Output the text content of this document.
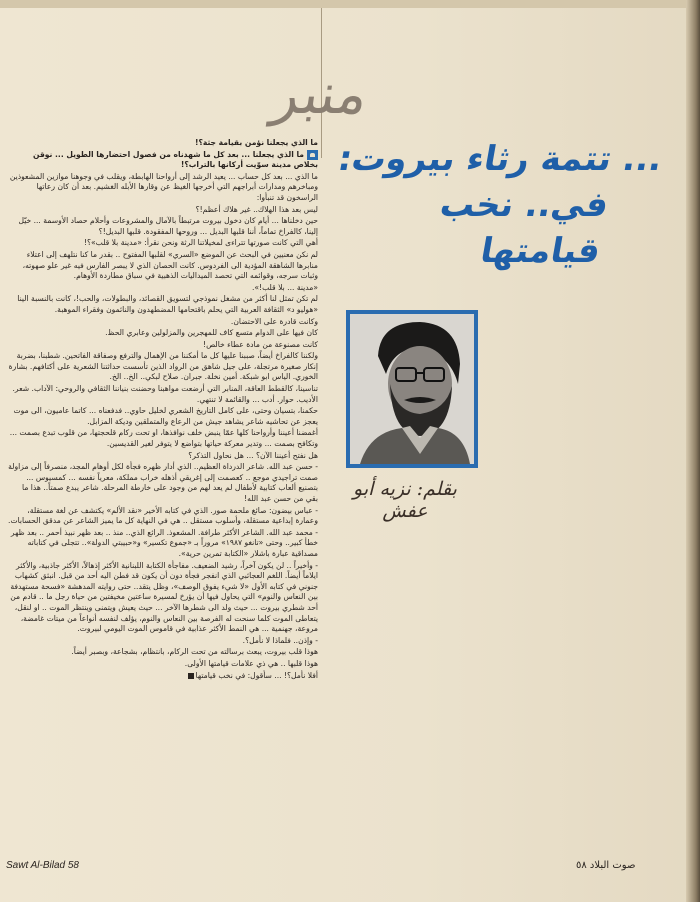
منبر
... تتمة رثاء بيروت:
في.. نخب قيامتها
بقلم: نزيه أبو عفش

ما الذي يجعلنا نؤمن بقيامة جثة؟!

ما الذي يجعلنا ... بعد كل ما شهدناه من فصول احتضارها الطويل ... نوقن بخلاص مدينة سوّيت أركانها بالتراب؟!

ما الذي ... بعد كل حساب ... يعيد الرشد إلى أرواحنا الهابطة، ويقلب في وجوهنا موازين المشعوذين ومباخرهم ومدارات أبراجهم التي أخرجها الغيظ عن وقارها الأبله الغشيم. بعد أن كان رعاتها الراسخون قد تنبأوا:

ليس بعد هذا الهلاك.. غير هلاك أعظم!؟

حين دخلناها ... أيام كان دخول بيروت مرتبطاً بالآمال والمشروعات وأحلام حصاد الأوسمة ... خيّل إلينا، كالفراخ تماماً، أننا قلبها البديل ... وروحها المفقودة. قلبها البديل!؟

أهي التي كانت صورتها تتراءى لمخيلاتنا الرثة ونحن نقرأ: «مدينة بلا قلب»؟!

لم نكن معنيين في البحث عن الموضع «السري» لقلبها المفتوح .. بقدر ما كنا نتلهف إلى اعتلاء منابرها الشاهقة المؤدية الى الفردوس. كانت الحصان الذي لا يبصر الفارس فيه غير علو صهوته، وثبات سرجه، وقوائمه التي تحصد الميداليات الذهبية في سباق مطاردة الأوهام.

«مدينة ... بلا قلب!».

لم تكن تمثل لنا أكثر من مشغل نموذجي لتسويق القصائد، والبطولات، والحب!، كانت بالنسبة الينا «هوليو د» الثقافة العربية التي يحلم باقتحامها المضطهدون والنائمون وفقراء الموهبة.

وكانت قادرة على الاحتضان.

كان فيها على الدوام متسع كاف للمهجرين والمزلولين وعابري الحظ.

كانت مصنوعة من مادة عطاء خالص!

ولكننا كالفراخ أيضاً، صببنا عليها كل ما أمكننا من الإهمال والترفع وصفاقة الفاتحين. شطبنا، بضربة إنكار صغيرة مرتجلة، على جيل شاهق من الرواد الذين تأسست حداثتنا الشعرية على أكتافهم. بشارة الخوري. الياس ابو شبكة. أمين نخلة. جبران. صلاح لبكي.. الخ.. الخ.

تناسينا، كالقطط العاقة، المنابر التي أرضعت مواهبنا وحضنت بنياننا الثقافي والروحي: الآداب. شعر. الأديب. حوار. أدب ... والقائمة لا تنتهي.

حكمنا، بتسيان وحتى، على كامل التاريخ الشعري لخليل حاوي.. فدفعناه ... كاتما عاميون، الى موت يعجز عن تحاشيه شاعر يشاهد جيش من الرعاع والمتملقين وديكة المزابل.

أغمضنا أعيننا وأرواحنا كلها عمّا ينبض خلف نوافذها، او تحت ركام قلحجتها، من قلوب تبدع بصمت ... وتكافح بصمت ... وتدير معركة حياتها بتواضع لا يتوفر لغير القديسين.

هل نفتح أعيننا الآن؟ ... هل نحاول التذكر؟

- حسن عبد الله. شاعر الدرداة العظيم.. الذي أدار ظهره فجأة لكل أوهام المجد، منصرفاً إلى مزاولة صمت تراجيدي موجع .. كعصمت إلى إغريقي أذهله خراب مملكة، معرياً نفسه ... كمسيوس ... بتصنيع ألعاب كتابية لأطفال لم يعد لهم من وجود على خارطة المرحلة. شاعر يبدع صمتاً.. هذا ما بقي من حسن عبد الله!

- عباس بيضون: صائغ ملحمة صور. الذي في كتابه الأخير «نقد الألم» يكتشف عن لغة مستقلة، وعمارة إبداعية مستقلة، وأسلوب مستقل .. هي في النهاية كل ما يميز الشاعر عن مدقق الحسابات.

- محمد عبد الله. الشاعر الأكثر طرافة. المشعوذ. الرائع الذي.. منذ .. بعد ظهر نبيذ أحمر .. بعد ظهر خطأ كبير.. وحتى «تانغو ١٩٨٧» مروراً بـ «جموع تكسير» و«حبيبتي الدولة».. تتجلى في كتاباته مصداقية عبارة باشلار «الكتابة تمرين حرية».

- وأخيراً .. لن يكون آخراً، رشيد الضعيف. مفاجأة الكتابة اللبنانية الأكثر إذهالاً، الأكثر جاذبية، والأكثر ايلاماً أيضاً. اللغم العجائبي الذي انفجر فجأة دون أن يكون قد فطن اليه أحد من قبل. انبثق كشهاب جنوني في كتابه الأول «لا شيء يفوق الوصف»، وظل يتقد.. حتى روايته المدهشة «فسحة مستهدفة بين النعاس والنوم» التي يحاول فيها أن يؤرخ لمسيرة ساعتين مخيفتين من حياة رجل ما .. قادم من أحد شطري بيروت ... حيث ولد الى شطرها الآخر ... حيث يعيش ويتمنى وينتظر الموت .. او لنقل، يتعاطى الموت كلما سنحت له الفرصة بين النعاس والنوم، يؤلف لنفسه أنواعاً من ميتات غامضة، مروعة، جهنمية ... هي النمط الأكثر عذابية في قاموس الموت اليومي لبيروت.

- وإذن.. فلماذا لا نأمل؟.

هوذا قلب بيروت، يبعث برسالته من تحت الركام، بانتظام، بشجاعة، وبصبر أيضاً.

هوذا قلبها .. هي ذي علامات قيامتها الأولى.

أفلا نأمل؟! ... سأقول: في نخب قيامتها

Sawt Al-Bilad 58	صوت البلاد ٥٨
